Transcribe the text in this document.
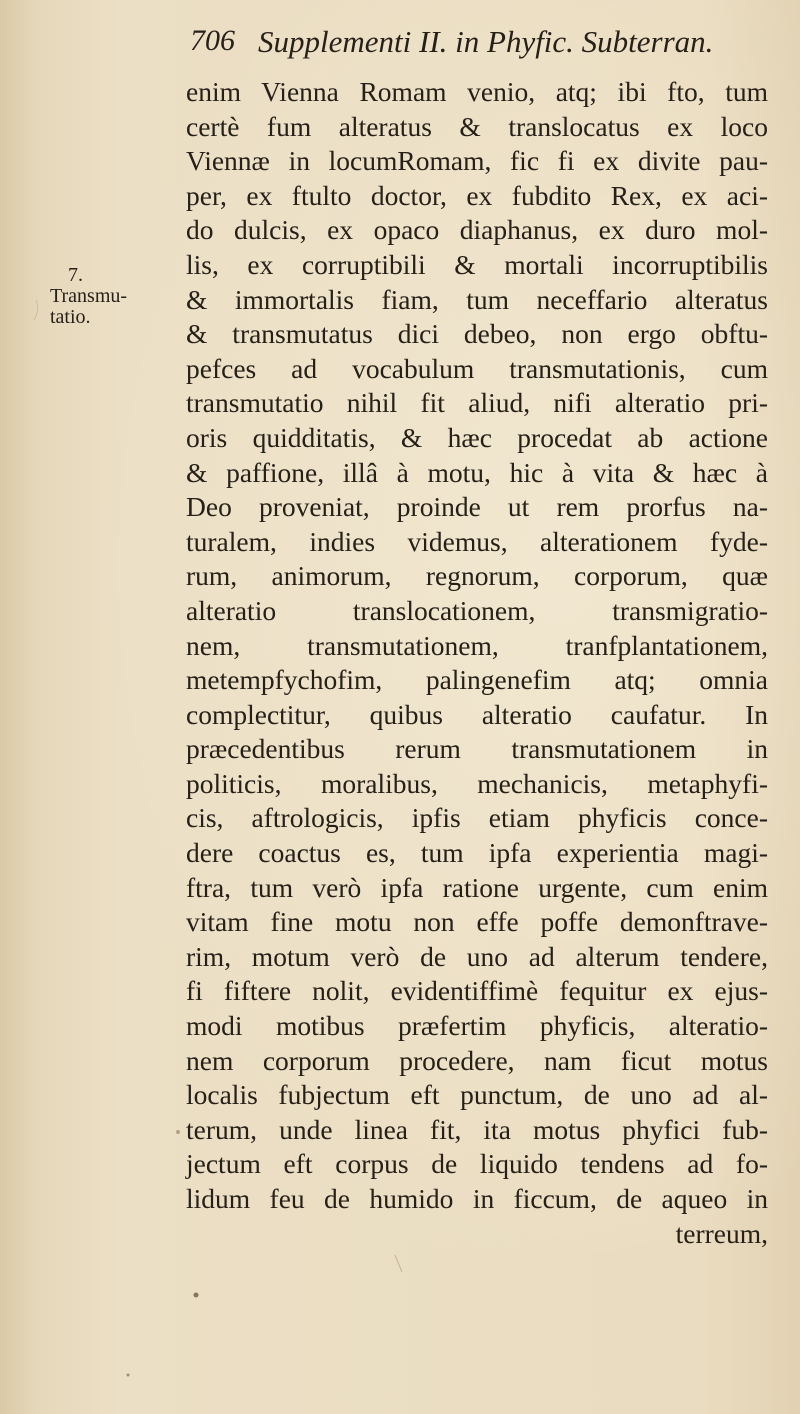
706 Supplementi II. in Phyfic. Subterran.
7.
Transmu-
tatio.
enim Vienna Romam venio, atq; ibi fto, tum
certè fum alteratus & translocatus ex loco
Viennæ in locumRomam, fic fi ex divite pau-
per, ex ftulto doctor, ex fubdito Rex, ex aci-
do dulcis, ex opaco diaphanus, ex duro mol-
lis, ex corruptibili & mortali incorruptibilis
& immortalis fiam, tum neceffario alteratus
& transmutatus dici debeo, non ergo obftu-
pefces ad vocabulum transmutationis, cum
transmutatio nihil fit aliud, nifi alteratio pri-
oris quidditatis, & hæc procedat ab actione
& paffione, illâ à motu, hic à vita & hæc à
Deo proveniat, proinde ut rem prorfus na-
turalem, indies videmus, alterationem fyde-
rum, animorum, regnorum, corporum, quæ
alteratio translocationem, transmigratio-
nem, transmutationem, tranfplantationem,
metempfychofim, palingenefim atq; omnia
complectitur, quibus alteratio caufatur. In
præcedentibus rerum transmutationem in
politicis, moralibus, mechanicis, metaphyfi-
cis, aftrologicis, ipfis etiam phyficis conce-
dere coactus es, tum ipfa experientia magi-
ftra, tum verò ipfa ratione urgente, cum enim
vitam fine motu non effe poffe demonftrave-
rim, motum verò de uno ad alterum tendere,
fi fiftere nolit, evidentiffimè fequitur ex ejus-
modi motibus præfertim phyficis, alteratio-
nem corporum procedere, nam ficut motus
localis fubjectum eft punctum, de uno ad al-
terum, unde linea fit, ita motus phyfici fub-
jectum eft corpus de liquido tendens ad fo-
lidum feu de humido in ficcum, de aqueo in
terreum,
